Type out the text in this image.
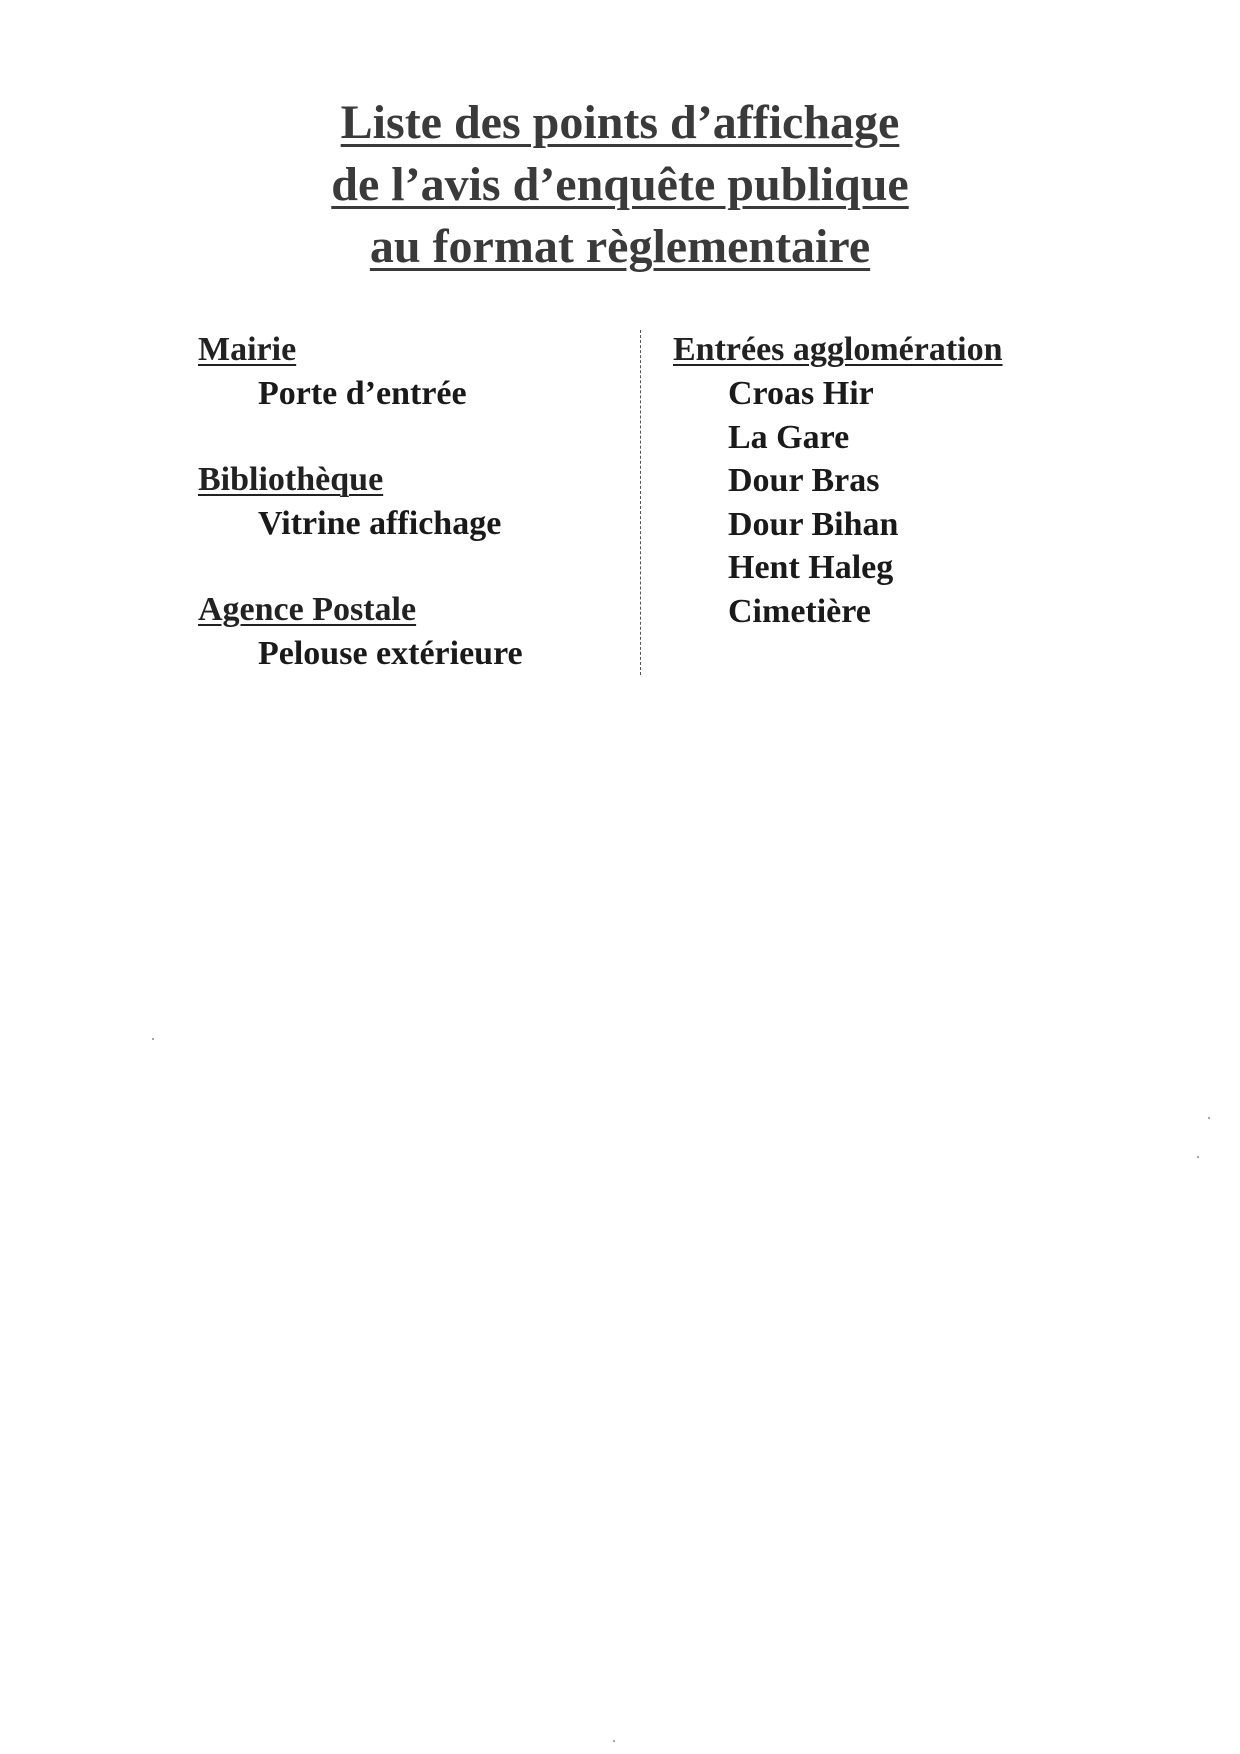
Liste des points d’affichage
de l’avis d’enquête publique
au format règlementaire
Mairie
Porte d’entrée
Bibliothèque
Vitrine affichage
Agence Postale
Pelouse extérieure
Entrées agglomération
Croas Hir
La Gare
Dour Bras
Dour Bihan
Hent Haleg
Cimetière
